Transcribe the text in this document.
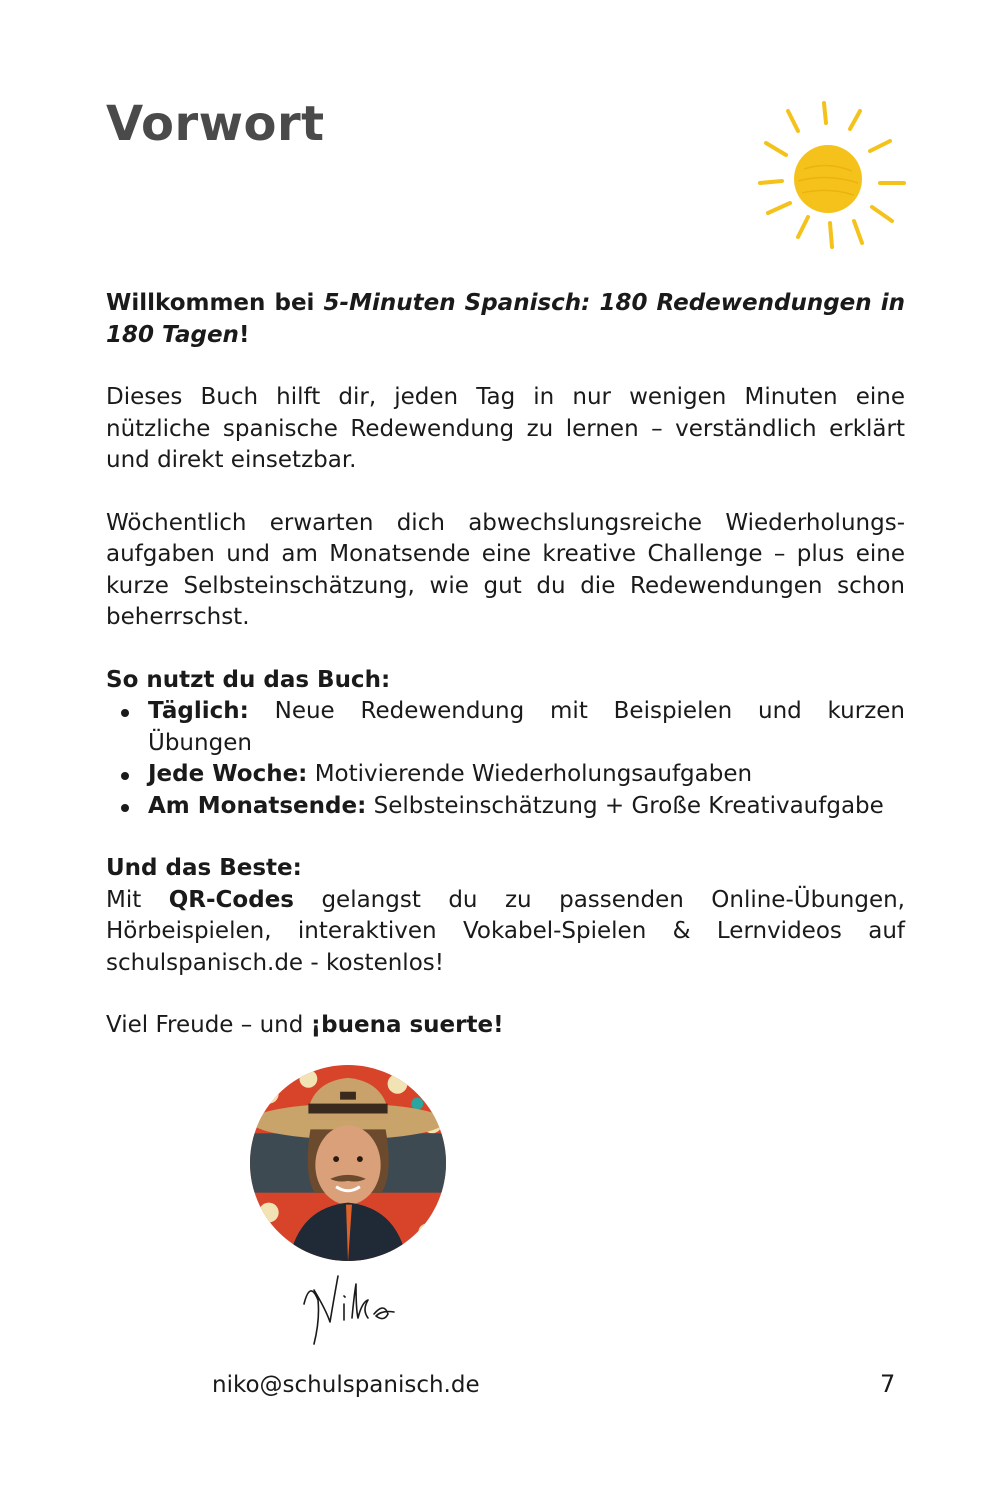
Vorwort

Willkommen bei 5-Minuten Spanisch: 180 Redewendungen in 180 Tagen!

Dieses Buch hilft dir, jeden Tag in nur wenigen Minuten eine nützliche spanische Redewendung zu lernen – verständlich erklärt und direkt einsetzbar.

Wöchentlich erwarten dich abwechslungsreiche Wiederholungs- aufgaben und am Monatsende eine kreative Challenge – plus eine kurze Selbsteinschätzung, wie gut du die Redewendungen schon beherrschst.

So nutzt du das Buch:

Täglich: Neue Redewendung mit Beispielen und kurzen Übungen
Jede Woche: Motivierende Wiederholungsaufgaben
Am Monatsende: Selbsteinschätzung + Große Kreativaufgabe

Und das Beste:

Mit QR-Codes gelangst du zu passenden Online-Übungen, Hörbeispielen, interaktiven Vokabel-Spielen & Lernvideos auf schulspanisch.de - kostenlos!

Viel Freude – und ¡buena suerte!

niko@schulspanisch.de	7
